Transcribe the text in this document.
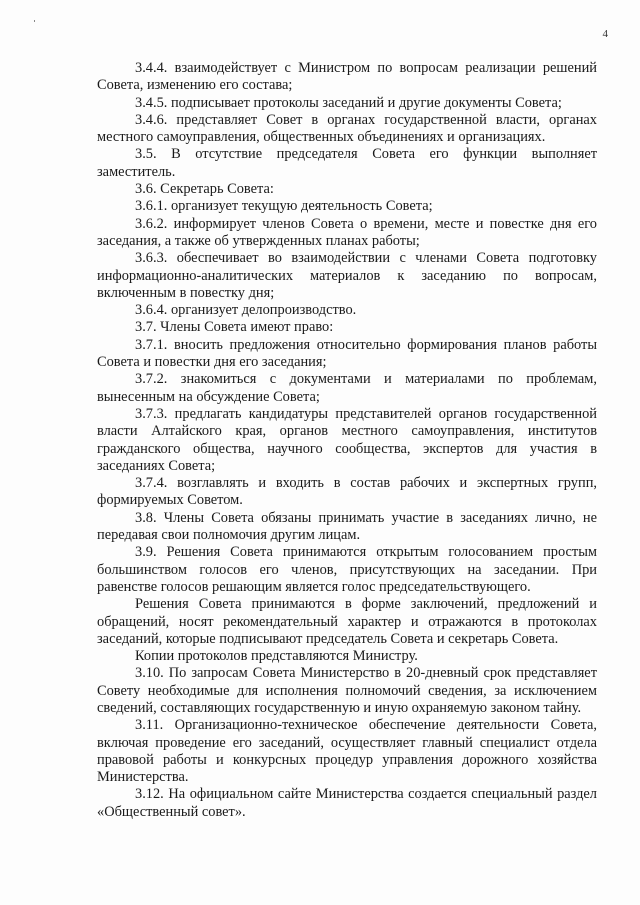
4

3.4.4. взаимодействует с Министром по вопросам реализации решений Совета, изменению его состава;

3.4.5. подписывает протоколы заседаний и другие документы Совета;

3.4.6. представляет Совет в органах государственной власти, органах местного самоуправления, общественных объединениях и организациях.

3.5. В отсутствие председателя Совета его функции выполняет заместитель.

3.6. Секретарь Совета:

3.6.1. организует текущую деятельность Совета;

3.6.2. информирует членов Совета о времени, месте и повестке дня его заседания, а также об утвержденных планах работы;

3.6.3. обеспечивает во взаимодействии с членами Совета подготовку информационно-аналитических материалов к заседанию по вопросам, включенным в повестку дня;

3.6.4. организует делопроизводство.

3.7. Члены Совета имеют право:

3.7.1. вносить предложения относительно формирования планов работы Совета и повестки дня его заседания;

3.7.2. знакомиться с документами и материалами по проблемам, вынесенным на обсуждение Совета;

3.7.3. предлагать кандидатуры представителей органов государственной власти Алтайского края, органов местного самоуправления, институтов гражданского общества, научного сообщества, экспертов для участия в заседаниях Совета;

3.7.4. возглавлять и входить в состав рабочих и экспертных групп, формируемых Советом.

3.8. Члены Совета обязаны принимать участие в заседаниях лично, не передавая свои полномочия другим лицам.

3.9. Решения Совета принимаются открытым голосованием простым большинством голосов его членов, присутствующих на заседании. При равенстве голосов решающим является голос председательствующего.

Решения Совета принимаются в форме заключений, предложений и обращений, носят рекомендательный характер и отражаются в протоколах заседаний, которые подписывают председатель Совета и секретарь Совета.

Копии протоколов представляются Министру.

3.10. По запросам Совета Министерство в 20-дневный срок представляет Совету необходимые для исполнения полномочий сведения, за исключением сведений, составляющих государственную и иную охраняемую законом тайну.

3.11. Организационно-техническое обеспечение деятельности Совета, включая проведение его заседаний, осуществляет главный специалист отдела правовой работы и конкурсных процедур управления дорожного хозяйства Министерства.

3.12. На официальном сайте Министерства создается специальный раздел «Общественный совет».
